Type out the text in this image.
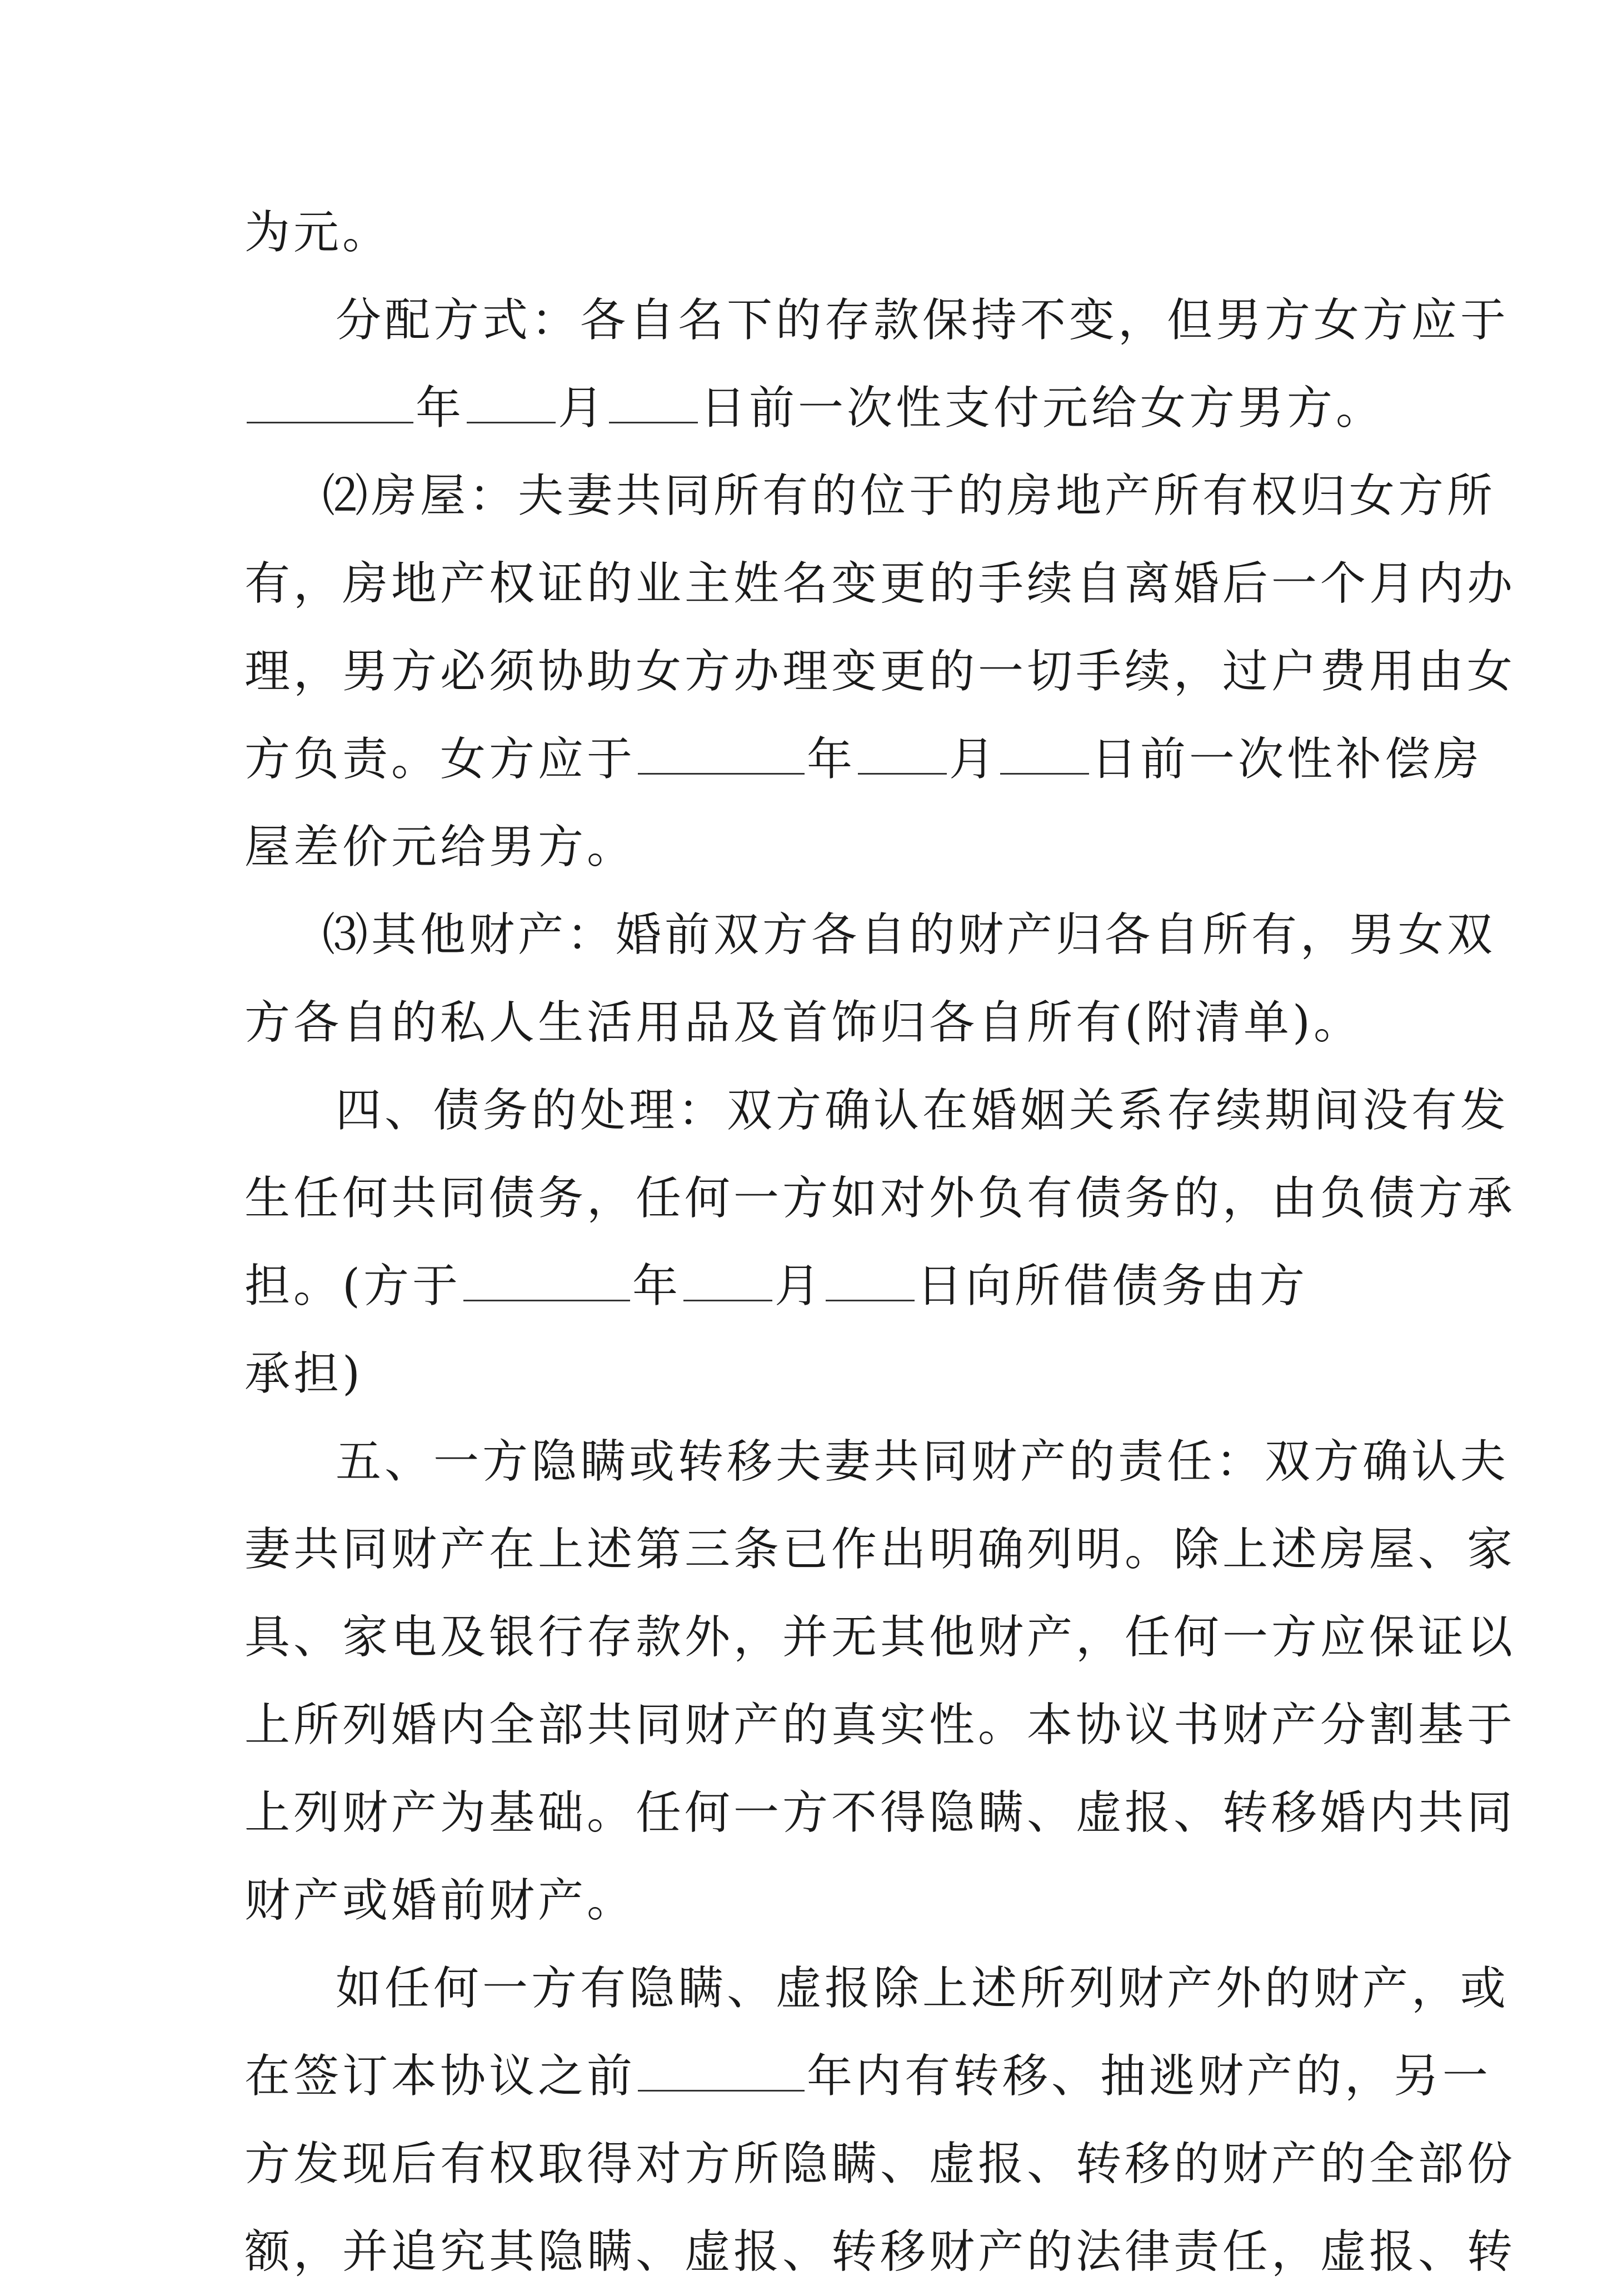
为元。
分配方式：各自名下的存款保持不变，但男方女方应于
年 月 日前一次性支付元给女方男方。
⑵房屋：夫妻共同所有的位于的房地产所有权归女方所
有，房地产权证的业主姓名变更的手续自离婚后一个月内办
理，男方必须协助女方办理变更的一切手续，过户费用由女
方负责。女方应于	年 月 日前一次性补偿房
屋差价元给男方。
⑶其他财产：婚前双方各自的财产归各自所有，男女双
方各自的私人生活用品及首饰归各自所有(附清单)。
四、债务的处理：双方确认在婚姻关系存续期间没有发
生任何共同债务，任何一方如对外负有债务的，由负债方承
担。(方于	年 月 日向所借债务由方
承担)
五、一方隐瞒或转移夫妻共同财产的责任：双方确认夫
妻共同财产在上述第三条已作出明确列明。除上述房屋、家
具、家电及银行存款外，并无其他财产，任何一方应保证以
上所列婚内全部共同财产的真实性。本协议书财产分割基于
上列财产为基础。任何一方不得隐瞒、虚报、转移婚内共同
财产或婚前财产。
如任何一方有隐瞒、虚报除上述所列财产外的财产，或
在签订本协议之前	年内有转移、抽逃财产的，另一
方发现后有权取得对方所隐瞒、虚报、转移的财产的全部份
额，并追究其隐瞒、虚报、转移财产的法律责任，虚报、转
